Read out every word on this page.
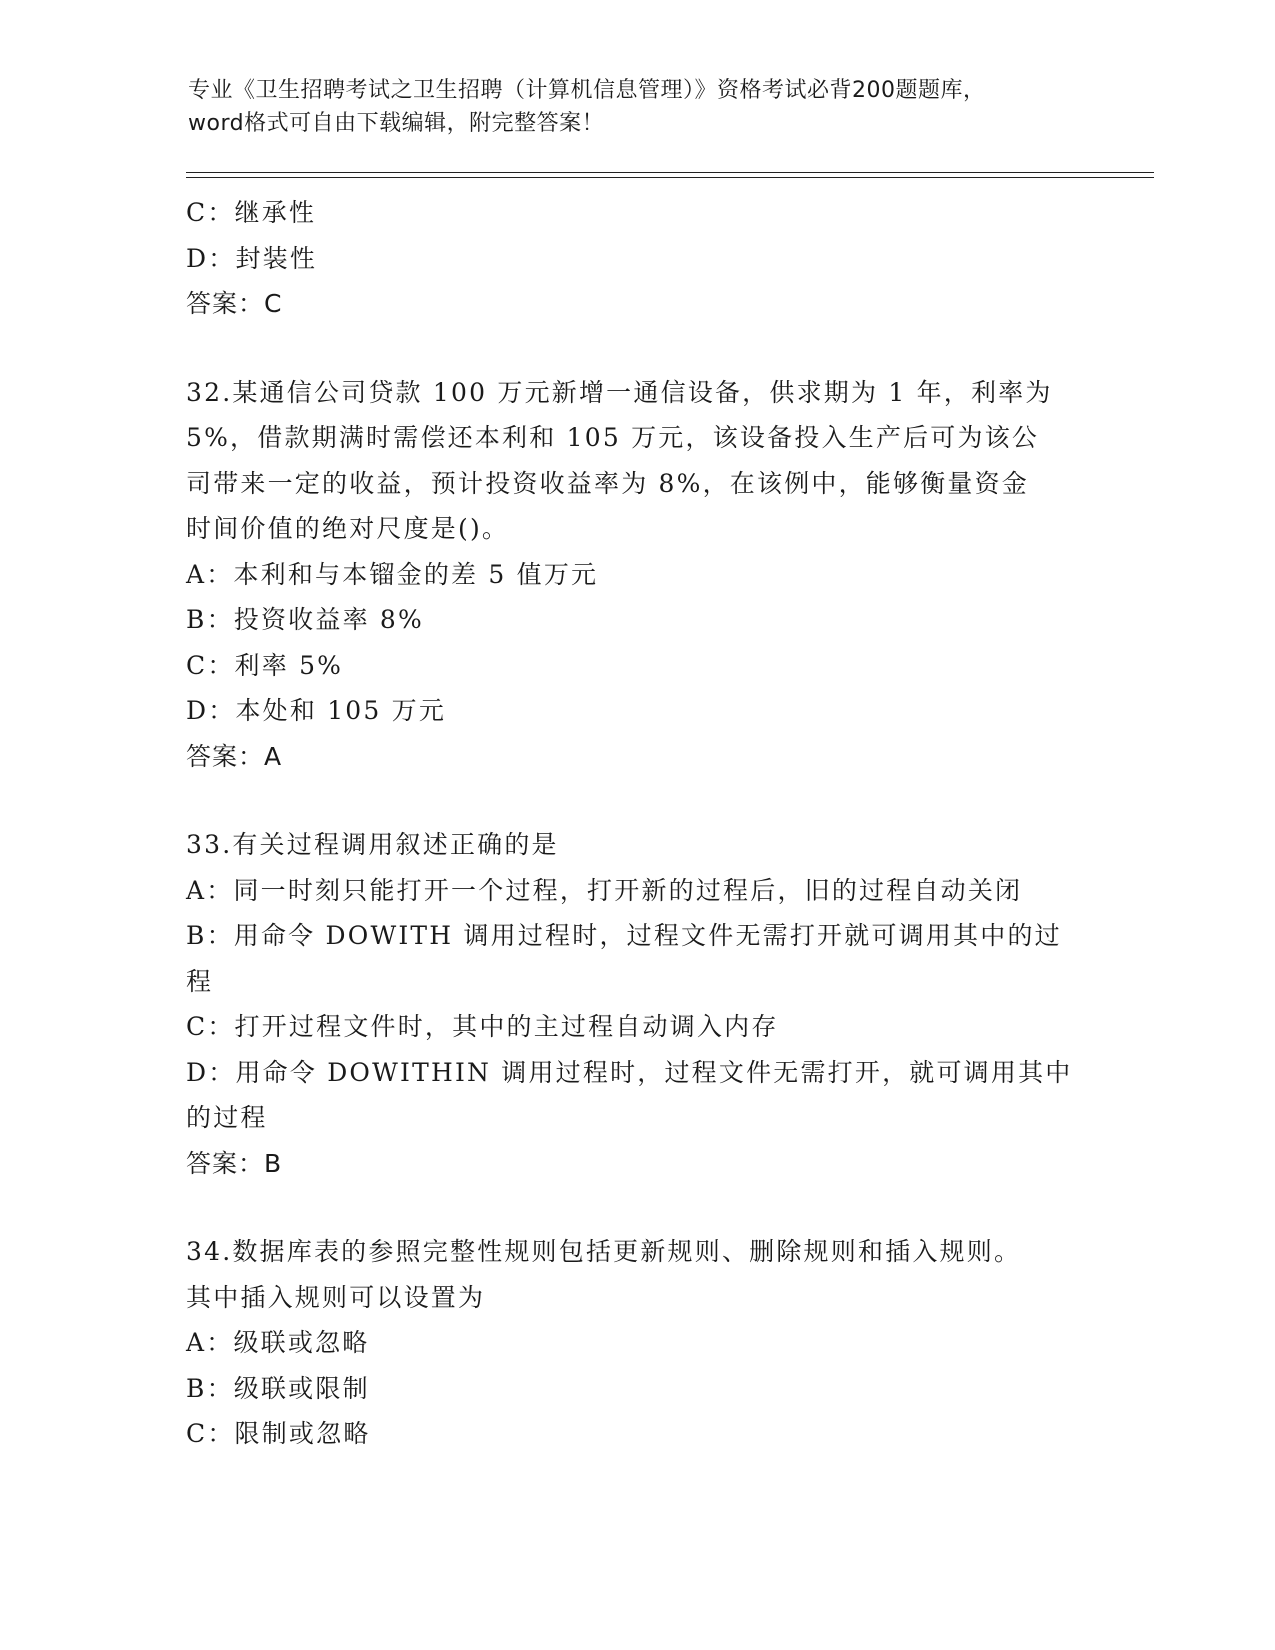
专业《卫生招聘考试之卫生招聘（计算机信息管理）》资格考试必背200题题库，
word格式可自由下载编辑，附完整答案！
C：继承性
D：封装性
答案：C
32.某通信公司贷款 100 万元新增一通信设备，供求期为 1 年，利率为
5%，借款期满时需偿还本利和 105 万元，该设备投入生产后可为该公
司带来一定的收益，预计投资收益率为 8%，在该例中，能够衡量资金
时间价值的绝对尺度是()。
A：本利和与本镏金的差 5 值万元
B：投资收益率 8%
C：利率 5%
D：本处和 105 万元
答案：A
33.有关过程调用叙述正确的是
A：同一时刻只能打开一个过程，打开新的过程后，旧的过程自动关闭
B：用命令 DOWITH 调用过程时，过程文件无需打开就可调用其中的过
程
C：打开过程文件时，其中的主过程自动调入内存
D：用命令 DOWITHIN 调用过程时，过程文件无需打开，就可调用其中
的过程
答案：B
34.数据库表的参照完整性规则包括更新规则、删除规则和插入规则。
其中插入规则可以设置为
A：级联或忽略
B：级联或限制
C：限制或忽略
